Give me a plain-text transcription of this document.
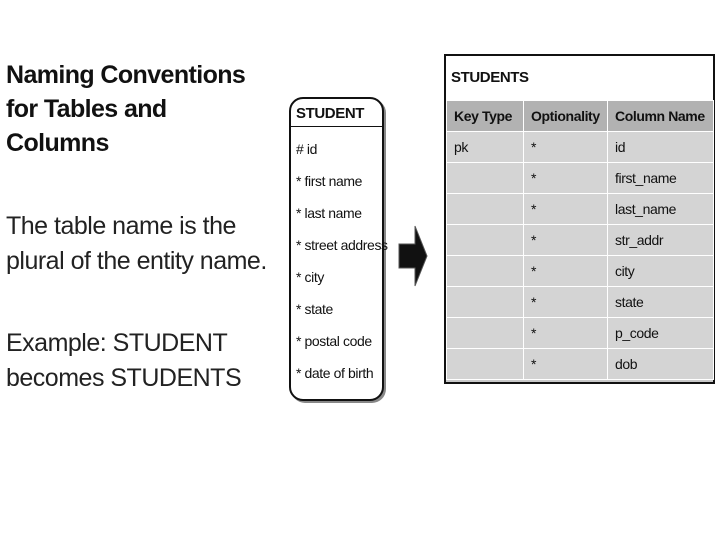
Naming Conventions
for Tables and
Columns
The table name is the
plural of the entity name.
Example: STUDENT
becomes STUDENTS
STUDENT
# id
* first name
* last name
* street address
* city
* state
* postal code
* date of birth
STUDENTS
Key Type	Optionality	Column Name
pk	*	id
	*	first_name
	*	last_name
	*	str_addr
	*	city
	*	state
	*	p_code
	*	dob
